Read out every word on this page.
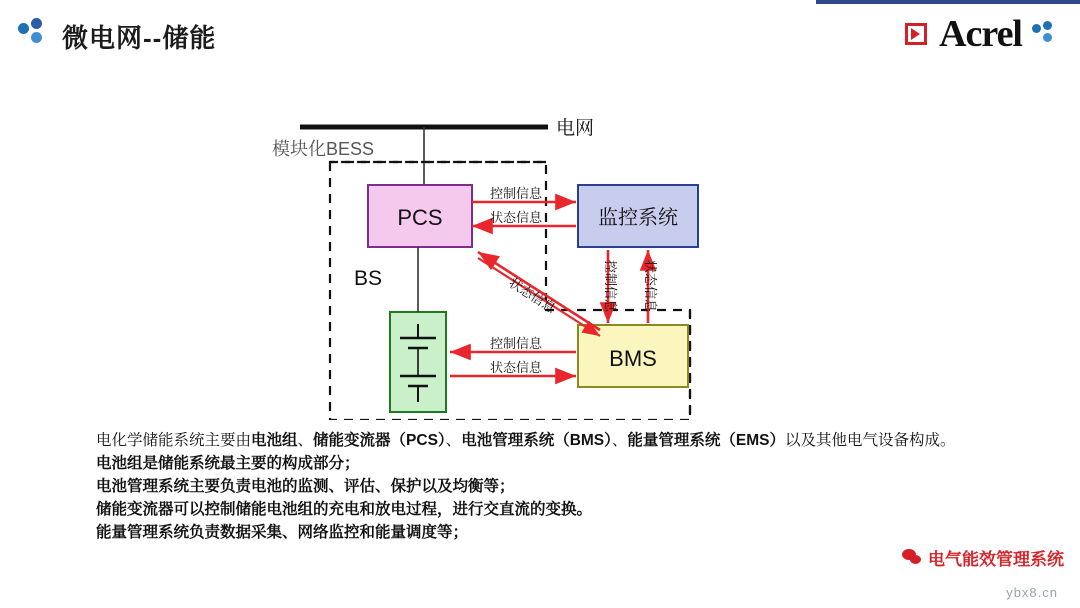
微电网--储能	Acrel
电网
模块化BESS
PCS	监控系统
BMS
BS
控制信息
状态信息
控制信息
状态信息
状态信息	控制信息 状态信息
电化学储能系统主要由电池组、储能变流器（PCS）、电池管理系统（BMS）、能量管理系统（EMS）以及其他电气设备构成。
电池组是储能系统最主要的构成部分；
电池管理系统主要负责电池的监测、评估、保护以及均衡等；
储能变流器可以控制储能电池组的充电和放电过程，进行交直流的变换。
能量管理系统负责数据采集、网络监控和能量调度等；
电气能效管理系统
ybx8.cn
